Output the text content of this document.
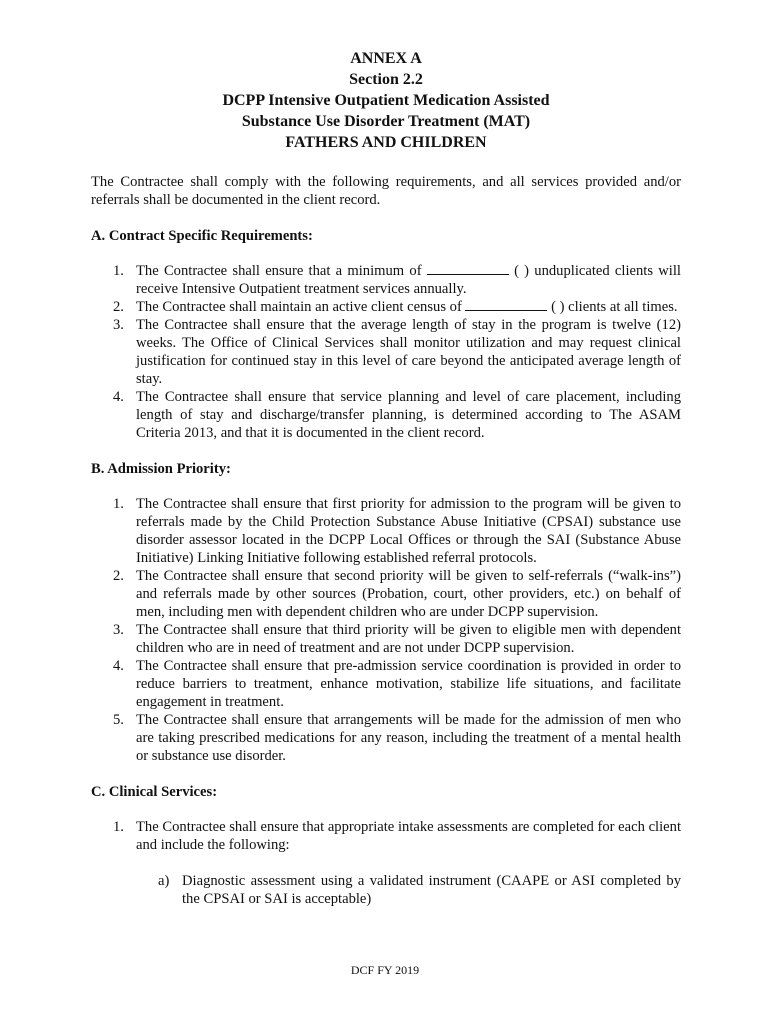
ANNEX A
Section 2.2
DCPP Intensive Outpatient Medication Assisted
Substance Use Disorder Treatment (MAT)
FATHERS AND CHILDREN
The Contractee shall comply with the following requirements, and all services provided and/or referrals shall be documented in the client record.
A. Contract Specific Requirements:
1. The Contractee shall ensure that a minimum of	( ) unduplicated clients will receive Intensive Outpatient treatment services annually.
2. The Contractee shall maintain an active client census of	( ) clients at all times.
3. The Contractee shall ensure that the average length of stay in the program is twelve (12) weeks. The Office of Clinical Services shall monitor utilization and may request clinical justification for continued stay in this level of care beyond the anticipated average length of stay.
4. The Contractee shall ensure that service planning and level of care placement, including length of stay and discharge/transfer planning, is determined according to The ASAM Criteria 2013, and that it is documented in the client record.
B. Admission Priority:
1. The Contractee shall ensure that first priority for admission to the program will be given to referrals made by the Child Protection Substance Abuse Initiative (CPSAI) substance use disorder assessor located in the DCPP Local Offices or through the SAI (Substance Abuse Initiative) Linking Initiative following established referral protocols.
2. The Contractee shall ensure that second priority will be given to self-referrals (“walk-ins”) and referrals made by other sources (Probation, court, other providers, etc.) on behalf of men, including men with dependent children who are under DCPP supervision.
3. The Contractee shall ensure that third priority will be given to eligible men with dependent children who are in need of treatment and are not under DCPP supervision.
4. The Contractee shall ensure that pre-admission service coordination is provided in order to reduce barriers to treatment, enhance motivation, stabilize life situations, and facilitate engagement in treatment.
5. The Contractee shall ensure that arrangements will be made for the admission of men who are taking prescribed medications for any reason, including the treatment of a mental health or substance use disorder.
C. Clinical Services:
1. The Contractee shall ensure that appropriate intake assessments are completed for each client and include the following:
a) Diagnostic assessment using a validated instrument (CAAPE or ASI completed by the CPSAI or SAI is acceptable)
DCF FY 2019
